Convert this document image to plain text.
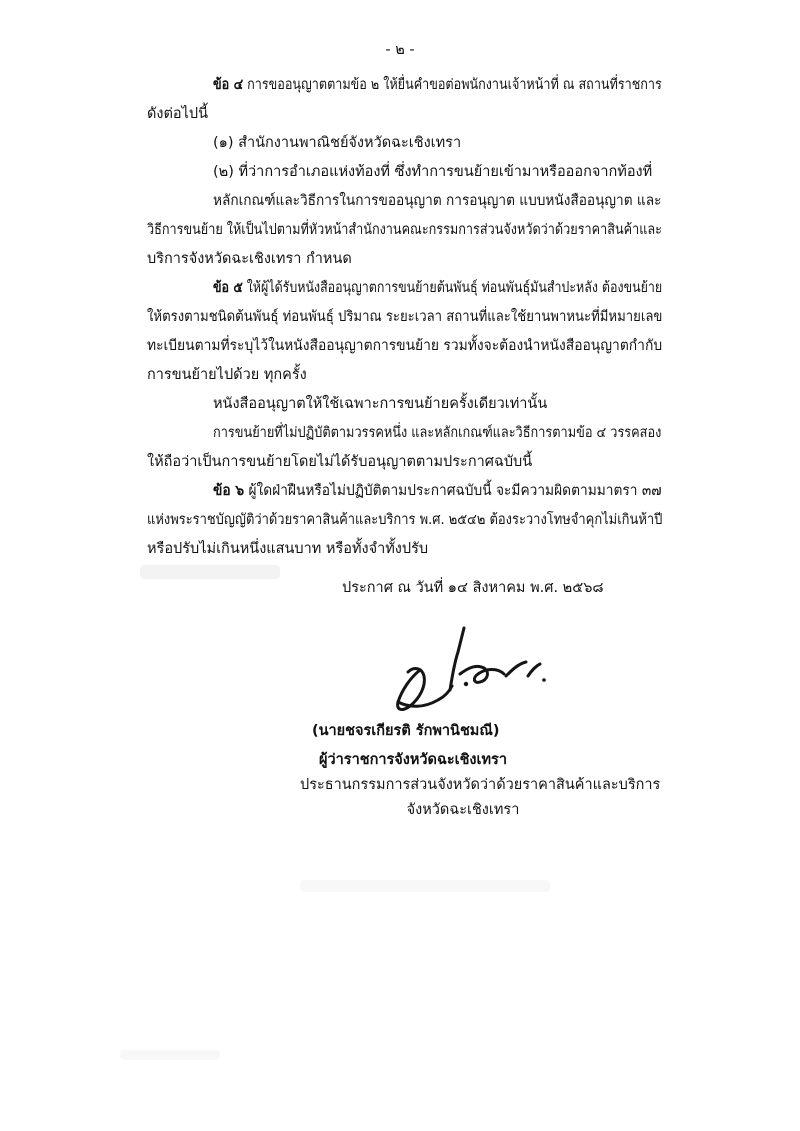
- ๒ -
ข้อ ๔ การขออนุญาตตามข้อ ๒ ให้ยื่นคำขอต่อพนักงานเจ้าหน้าที่ ณ สถานที่ราชการ
ดังต่อไปนี้
(๑) สำนักงานพาณิชย์จังหวัดฉะเชิงเทรา
(๒) ที่ว่าการอำเภอแห่งท้องที่ ซึ่งทำการขนย้ายเข้ามาหรือออกจากท้องที่
หลักเกณฑ์และวิธีการในการขออนุญาต การอนุญาต แบบหนังสืออนุญาต และ
วิธีการขนย้าย ให้เป็นไปตามที่หัวหน้าสำนักงานคณะกรรมการส่วนจังหวัดว่าด้วยราคาสินค้าและ
บริการจังหวัดฉะเชิงเทรา กำหนด
ข้อ ๕ ให้ผู้ได้รับหนังสืออนุญาตการขนย้ายต้นพันธุ์ ท่อนพันธุ์มันสำปะหลัง ต้องขนย้าย
ให้ตรงตามชนิดต้นพันธุ์ ท่อนพันธุ์ ปริมาณ ระยะเวลา สถานที่และใช้ยานพาหนะที่มีหมายเลข
ทะเบียนตามที่ระบุไว้ในหนังสืออนุญาตการขนย้าย รวมทั้งจะต้องนำหนังสืออนุญาตกำกับ
การขนย้ายไปด้วย ทุกครั้ง
หนังสืออนุญาตให้ใช้เฉพาะการขนย้ายครั้งเดียวเท่านั้น
การขนย้ายที่ไม่ปฏิบัติตามวรรคหนึ่ง และหลักเกณฑ์และวิธีการตามข้อ ๔ วรรคสอง
ให้ถือว่าเป็นการขนย้ายโดยไม่ได้รับอนุญาตตามประกาศฉบับนี้
ข้อ ๖ ผู้ใดฝ่าฝืนหรือไม่ปฏิบัติตามประกาศฉบับนี้ จะมีความผิดตามมาตรา ๓๗
แห่งพระราชบัญญัติว่าด้วยราคาสินค้าและบริการ พ.ศ. ๒๕๔๒ ต้องระวางโทษจำคุกไม่เกินห้าปี
หรือปรับไม่เกินหนึ่งแสนบาท หรือทั้งจำทั้งปรับ
ประกาศ ณ วันที่ ๑๔ สิงหาคม พ.ศ. ๒๕๖๘
(นายชจรเกียรติ รักพานิชมณี)
ผู้ว่าราชการจังหวัดฉะเชิงเทรา
ประธานกรรมการส่วนจังหวัดว่าด้วยราคาสินค้าและบริการ
จังหวัดฉะเชิงเทรา
